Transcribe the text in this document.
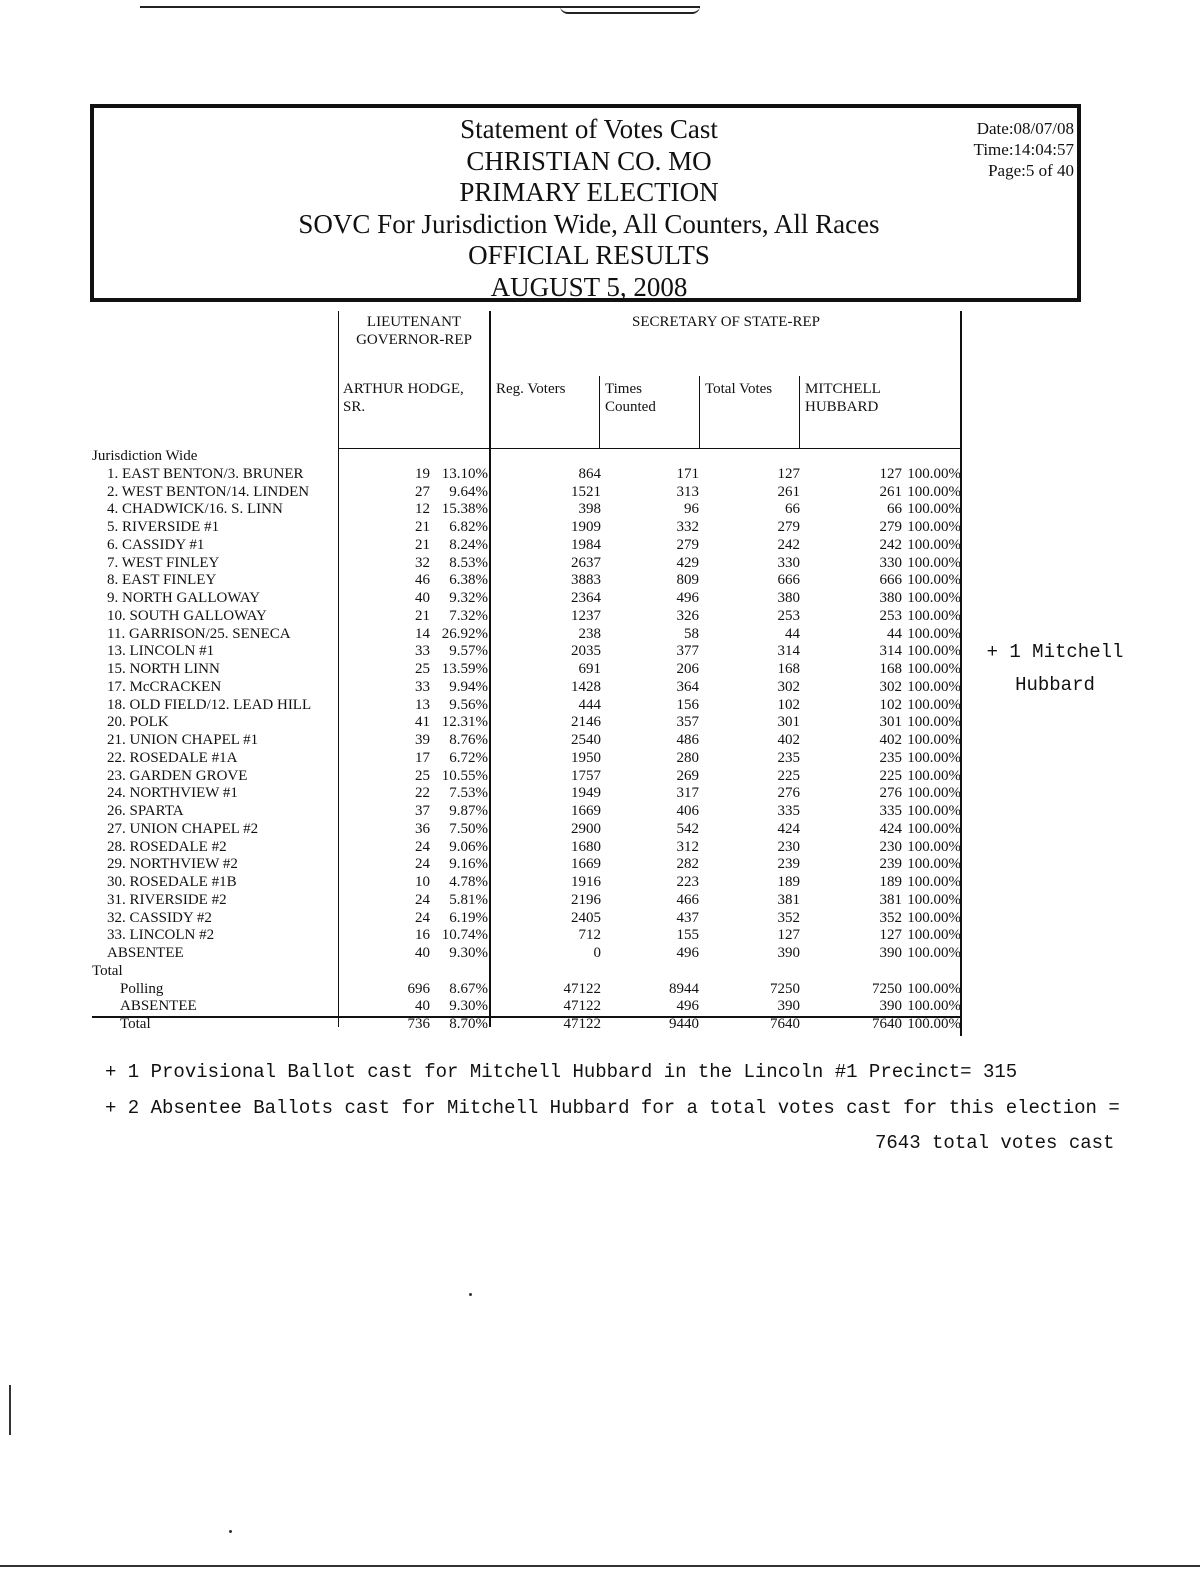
Statement of Votes Cast
CHRISTIAN CO. MO
PRIMARY ELECTION
SOVC For Jurisdiction Wide, All Counters, All Races
OFFICIAL RESULTS
AUGUST 5, 2008
Date:08/07/08
Time:14:04:57
Page:5 of 40
LIEUTENANT GOVERNOR-REP
SECRETARY OF STATE-REP
ARTHUR HODGE, SR.
Reg. Voters	Times Counted
Total Votes	MITCHELL HUBBARD
Jurisdiction Wide
1. EAST BENTON/3. BRUNER	19 13.10%	864	171	127	127 100.00%
2. WEST BENTON/14. LINDEN	27	9.64%	1521	313	261	261 100.00%
4. CHADWICK/16. S. LINN	12 15.38%	398	96	66	66 100.00%
5. RIVERSIDE #1	21	6.82%	1909	332	279	279 100.00%
6. CASSIDY #1	21	8.24%	1984	279	242	242 100.00%
7. WEST FINLEY	32	8.53%	2637	429	330	330 100.00%
8. EAST FINLEY	46	6.38%	3883	809	666	666 100.00%
9. NORTH GALLOWAY	40	9.32%	2364	496	380	380 100.00%
10. SOUTH GALLOWAY	21	7.32%	1237	326	253	253 100.00%
11. GARRISON/25. SENECA	14 26.92%	238	58	44	44 100.00%
13. LINCOLN #1	33	9.57%	2035	377	314	314 100.00%
15. NORTH LINN	25 13.59%	691	206	168	168 100.00%
17. McCRACKEN	33	9.94%	1428	364	302	302 100.00%
18. OLD FIELD/12. LEAD HILL	13	9.56%	444	156	102	102 100.00%
20. POLK	41 12.31%	2146	357	301	301 100.00%
21. UNION CHAPEL #1	39	8.76%	2540	486	402	402 100.00%
22. ROSEDALE #1A	17	6.72%	1950	280	235	235 100.00%
23. GARDEN GROVE	25 10.55%	1757	269	225	225 100.00%
24. NORTHVIEW #1	22	7.53%	1949	317	276	276 100.00%
26. SPARTA	37	9.87%	1669	406	335	335 100.00%
27. UNION CHAPEL #2	36	7.50%	2900	542	424	424 100.00%
28. ROSEDALE #2	24	9.06%	1680	312	230	230 100.00%
29. NORTHVIEW #2	24	9.16%	1669	282	239	239 100.00%
30. ROSEDALE #1B	10	4.78%	1916	223	189	189 100.00%
31. RIVERSIDE #2	24	5.81%	2196	466	381	381 100.00%
32. CASSIDY #2	24	6.19%	2405	437	352	352 100.00%
33. LINCOLN #2	16 10.74%	712	155	127	127 100.00%
ABSENTEE	40	9.30%	0	496	390	390 100.00%
Total
Polling	696	8.67%	47122	8944	7250	7250 100.00%
ABSENTEE	40	9.30%	47122	496	390	390 100.00%
Total	736	8.70%	47122	9440	7640	7640 100.00%
+ 1 Mitchell
Hubbard
+ 1 Provisional Ballot cast for Mitchell Hubbard in the Lincoln #1 Precinct= 315
+ 2 Absentee Ballots cast for Mitchell Hubbard for a total votes cast for this election =
7643 total votes cast
